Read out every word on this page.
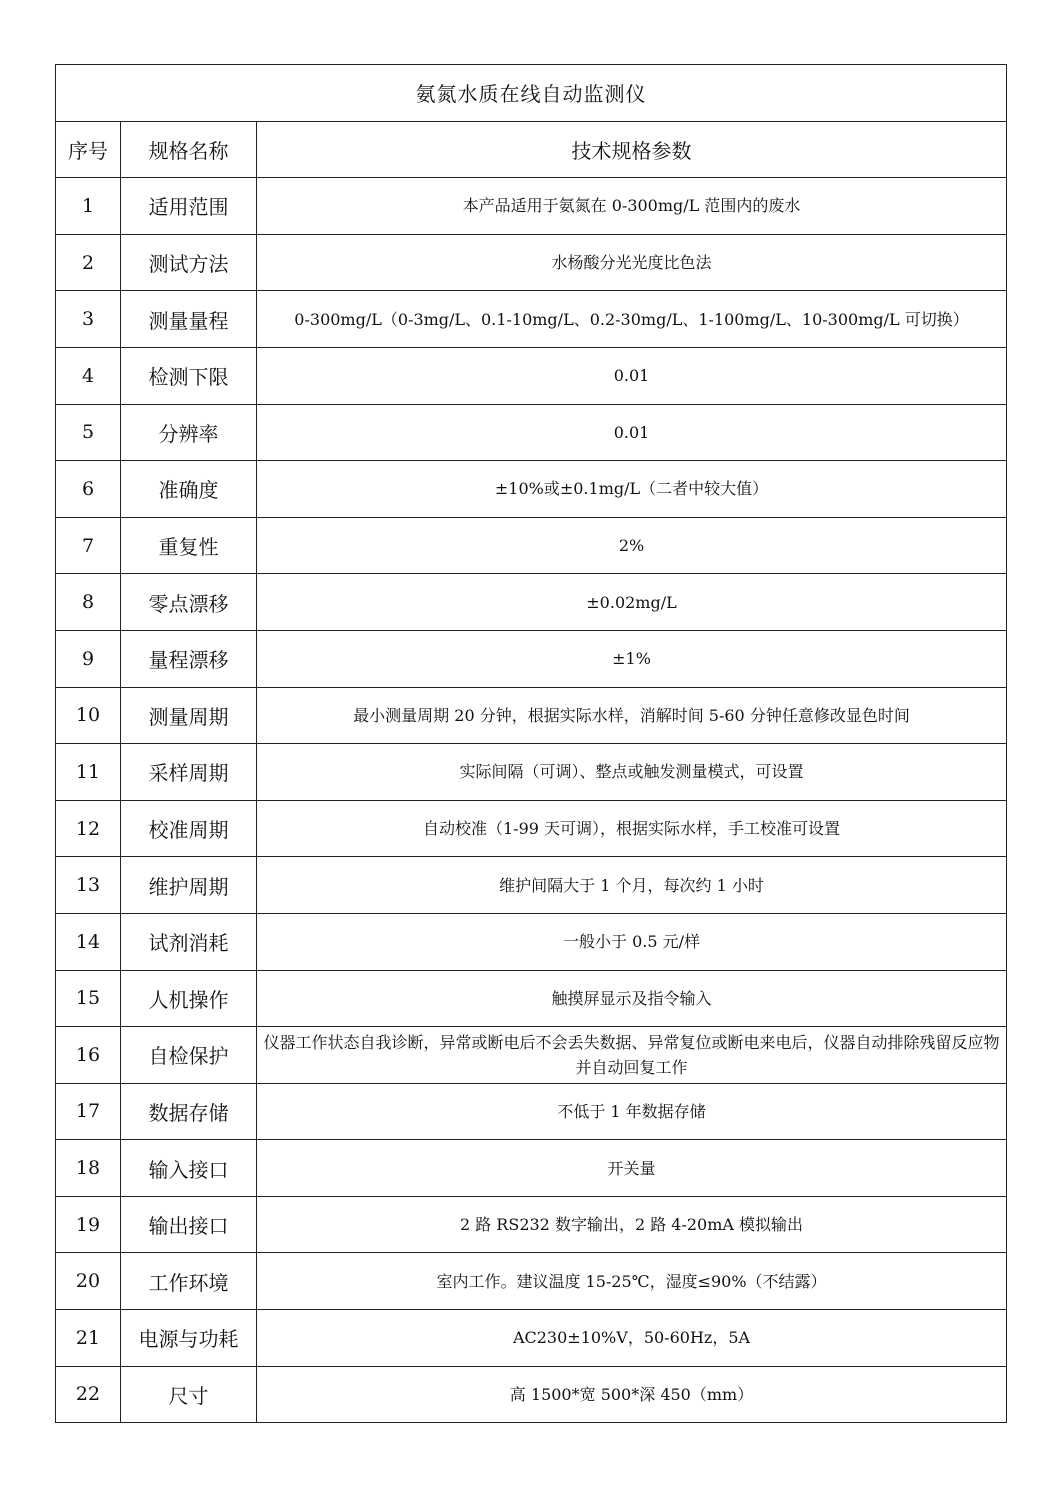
氨氮水质在线自动监测仪		
序号	规格名称	技术规格参数
1	适用范围	本产品适用于氨氮在 0-300mg/L 范围内的废水
2	测试方法	水杨酸分光光度比色法
3	测量量程	0-300mg/L（0-3mg/L、0.1-10mg/L、0.2-30mg/L、1-100mg/L、10-300mg/L 可切换）
4	检测下限	0.01
5	分辨率	0.01
6	准确度	±10%或±0.1mg/L（二者中较大值）
7	重复性	2%
8	零点漂移	±0.02mg/L
9	量程漂移	±1%
10	测量周期	最小测量周期 20 分钟，根据实际水样，消解时间 5-60 分钟任意修改显色时间
11	采样周期	实际间隔（可调）、整点或触发测量模式，可设置
12	校准周期	自动校准（1-99 天可调），根据实际水样，手工校准可设置
13	维护周期	维护间隔大于 1 个月，每次约 1 小时
14	试剂消耗	一般小于 0.5 元/样
15	人机操作	触摸屏显示及指令输入
16	自检保护	仪器工作状态自我诊断，异常或断电后不会丢失数据、异常复位或断电来电后，仪器自动排除残留反应物并自动回复工作
17	数据存储	不低于 1 年数据存储
18	输入接口	开关量
19	输出接口	2 路 RS232 数字输出，2 路 4-20mA 模拟输出
20	工作环境	室内工作。建议温度 15-25℃，湿度≤90%（不结露）
21	电源与功耗	AC230±10%V，50-60Hz，5A
22	尺寸	高 1500*宽 500*深 450（mm）
